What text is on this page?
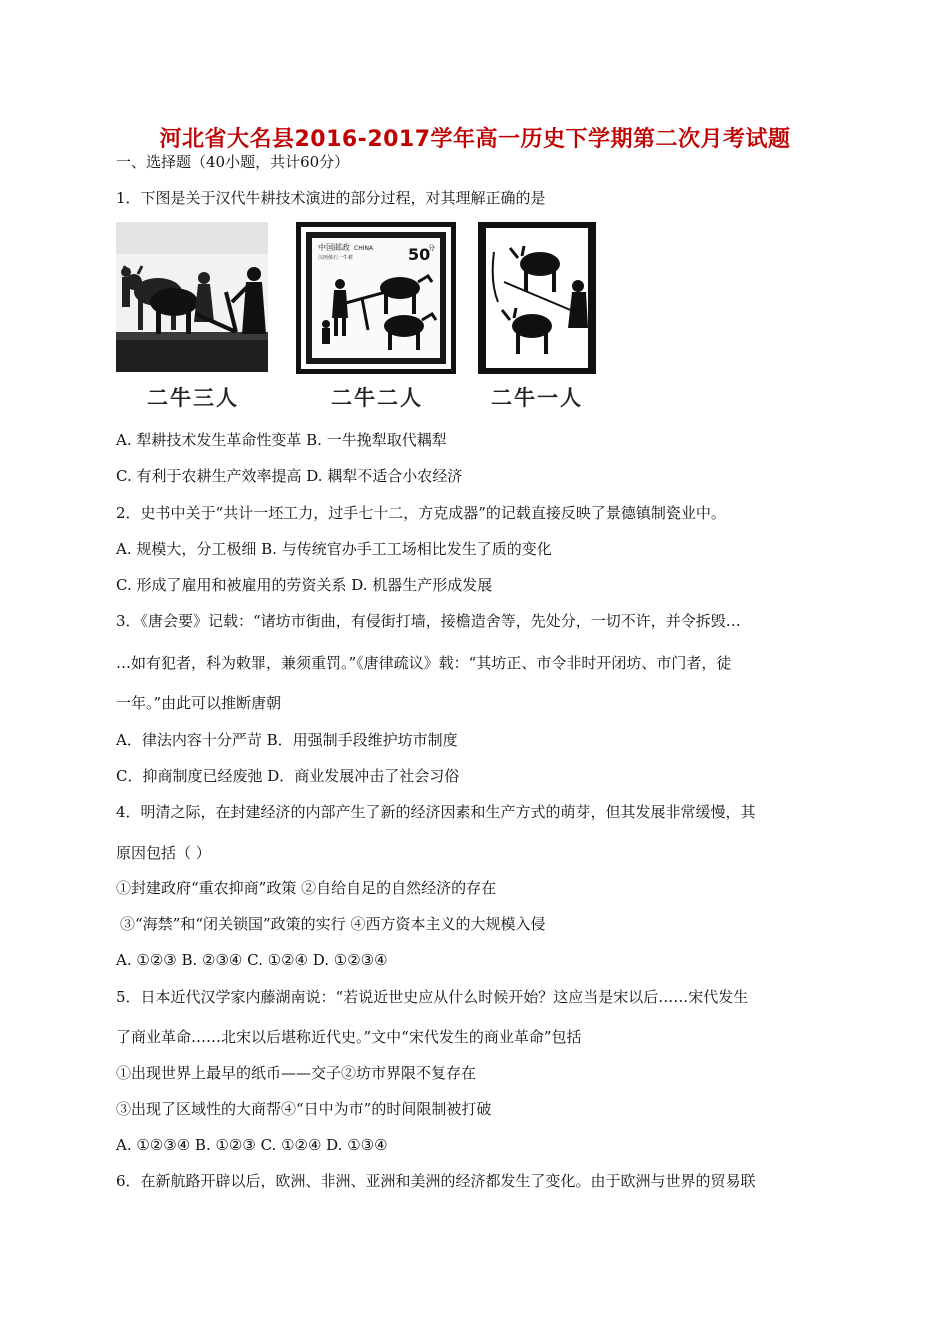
河北省大名县2016-2017学年高一历史下学期第二次月考试题
一、选择题（40小题，共计60分）
1．下图是关于汉代牛耕技术演进的部分过程，对其理解正确的是
中国邮政 CHINA
汉画像石一牛耕	50
分
二牛三人	二牛二人	二牛一人
A. 犁耕技术发生革命性变革 B. 一牛挽犁取代耦犁
C. 有利于农耕生产效率提高 D. 耦犁不适合小农经济
2．史书中关于“共计一坯工力，过手七十二，方克成器”的记载直接反映了景德镇制瓷业中。
A. 规模大，分工极细 B. 与传统官办手工工场相比发生了质的变化
C. 形成了雇用和被雇用的劳资关系 D. 机器生产形成发展
3．《唐会要》记载：“诸坊市街曲，有侵街打墙，接檐造舍等，先处分，一切不许，并令拆毁…
…如有犯者，科为敕罪，兼须重罚。”《唐律疏议》载：“其坊正、市令非时开闭坊、市门者，徒
一年。”由此可以推断唐朝
A．律法内容十分严苛 B．用强制手段维护坊市制度
C．抑商制度已经废弛 D．商业发展冲击了社会习俗
4．明清之际，在封建经济的内部产生了新的经济因素和生产方式的萌芽，但其发展非常缓慢，其
原因包括（ ）
①封建政府“重农抑商”政策 ②自给自足的自然经济的存在
③“海禁”和“闭关锁国”政策的实行 ④西方资本主义的大规模入侵
A. ①②③ B. ②③④ C. ①②④ D. ①②③④
5．日本近代汉学家内藤湖南说：“若说近世史应从什么时候开始？这应当是宋以后……宋代发生
了商业革命……北宋以后堪称近代史。”文中“宋代发生的商业革命”包括
①出现世界上最早的纸币——交子②坊市界限不复存在
③出现了区域性的大商帮④“日中为市”的时间限制被打破
A. ①②③④ B. ①②③ C. ①②④ D. ①③④
6．在新航路开辟以后，欧洲、非洲、亚洲和美洲的经济都发生了变化。由于欧洲与世界的贸易联
